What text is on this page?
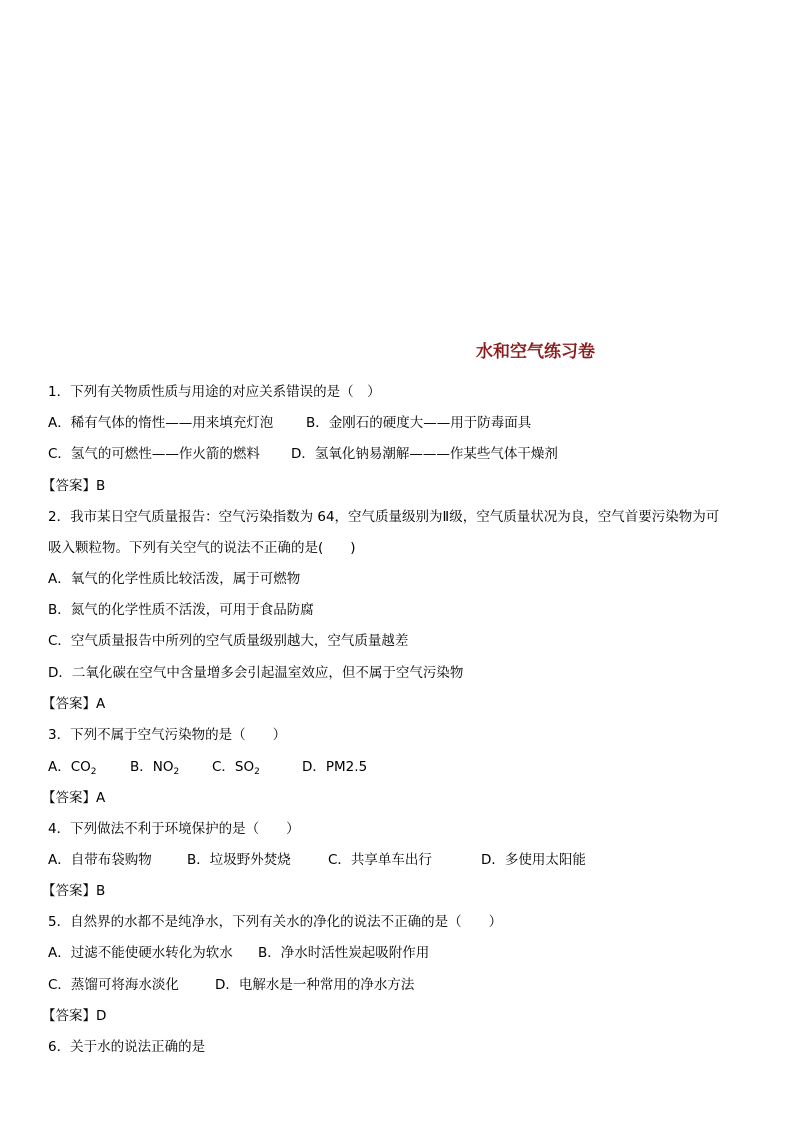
水和空气练习卷
1．下列有关物质性质与用途的对应关系错误的是（　）
A．稀有气体的惰性——用来填充灯泡 B．金刚石的硬度大——用于防毒面具
C．氢气的可燃性——作火箭的燃料 D．氢氧化钠易潮解———作某些气体干燥剂
【答案】B
2．我市某日空气质量报告：空气污染指数为 64，空气质量级别为Ⅱ级，空气质量状况为良，空气首要污染物为可
吸入颗粒物。下列有关空气的说法不正确的是(　　)
A．氧气的化学性质比较活泼，属于可燃物
B．氮气的化学性质不活泼，可用于食品防腐
C．空气质量报告中所列的空气质量级别越大，空气质量越差
D．二氧化碳在空气中含量增多会引起温室效应，但不属于空气污染物
【答案】A
3．下列不属于空气污染物的是（　　）
A．$CO_2$ B．$NO_2$ C．$SO_2$	D．PM2.5
【答案】A
4．下列做法不利于环境保护的是（　　）
A．自带布袋购物	B．垃圾野外焚烧	C．共享单车出行	D．多使用太阳能
【答案】B
5．自然界的水都不是纯净水，下列有关水的净化的说法不正确的是（　　）
A．过滤不能使硬水转化为软水 B．净水时活性炭起吸附作用
C．蒸馏可将海水淡化	D．电解水是一种常用的净水方法
【答案】D
6．关于水的说法正确的是
